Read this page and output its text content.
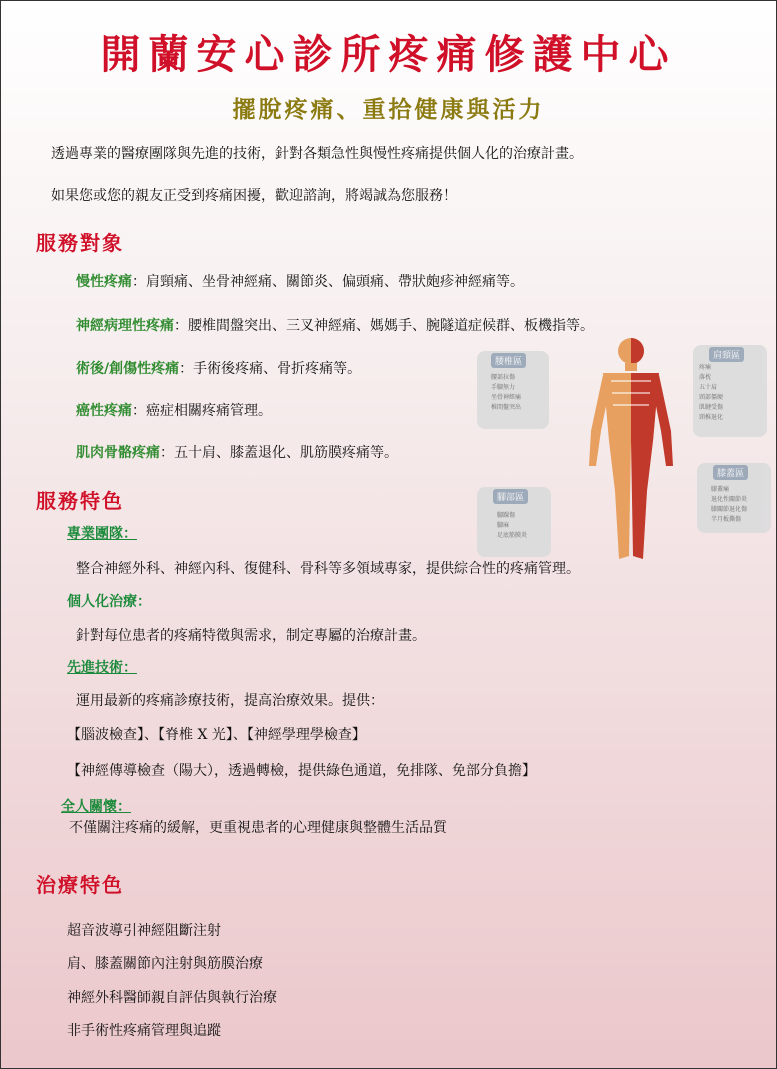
開蘭安心診所疼痛修護中心
擺脫疼痛、重拾健康與活力
透過專業的醫療團隊與先進的技術，針對各類急性與慢性疼痛提供個人化的治療計畫。
如果您或您的親友正受到疼痛困擾，歡迎諮詢，將竭誠為您服務！
服務對象
慢性疼痛：肩頸痛、坐骨神經痛、關節炎、偏頭痛、帶狀皰疹神經痛等。
神經病理性疼痛：腰椎間盤突出、三叉神經痛、媽媽手、腕隧道症候群、板機指等。
術後/創傷性疼痛：手術後疼痛、骨折疼痛等。
癌性疼痛：癌症相關疼痛管理。
肌肉骨骼疼痛：五十肩、膝蓋退化、肌筋膜疼痛等。
腰椎區
腰部拉傷
手腳無力
坐骨神經痛
椎間盤突出
肩頸區
疼痛
落枕
五十肩
頸部僵硬
肌腱受傷
頸椎退化
膝蓋區
膝蓋痛
退化性關節炎
膝關節退化傷
半月板撕傷
腳部區
腳踝傷
腳麻
足底筋膜炎
服務特色
專業團隊：
整合神經外科、神經內科、復健科、骨科等多領域專家，提供綜合性的疼痛管理。
個人化治療：
針對每位患者的疼痛特徵與需求，制定專屬的治療計畫。
先進技術：
運用最新的疼痛診療技術，提高治療效果。提供：
【腦波檢查】、【脊椎 X 光】、【神經學理學檢查】
【神經傳導檢查（陽大），透過轉檢，提供綠色通道，免排隊、免部分負擔】
全人關懷：
不僅關注疼痛的緩解，更重視患者的心理健康與整體生活品質
治療特色
超音波導引神經阻斷注射
肩、膝蓋關節內注射與筋膜治療
神經外科醫師親自評估與執行治療
非手術性疼痛管理與追蹤
